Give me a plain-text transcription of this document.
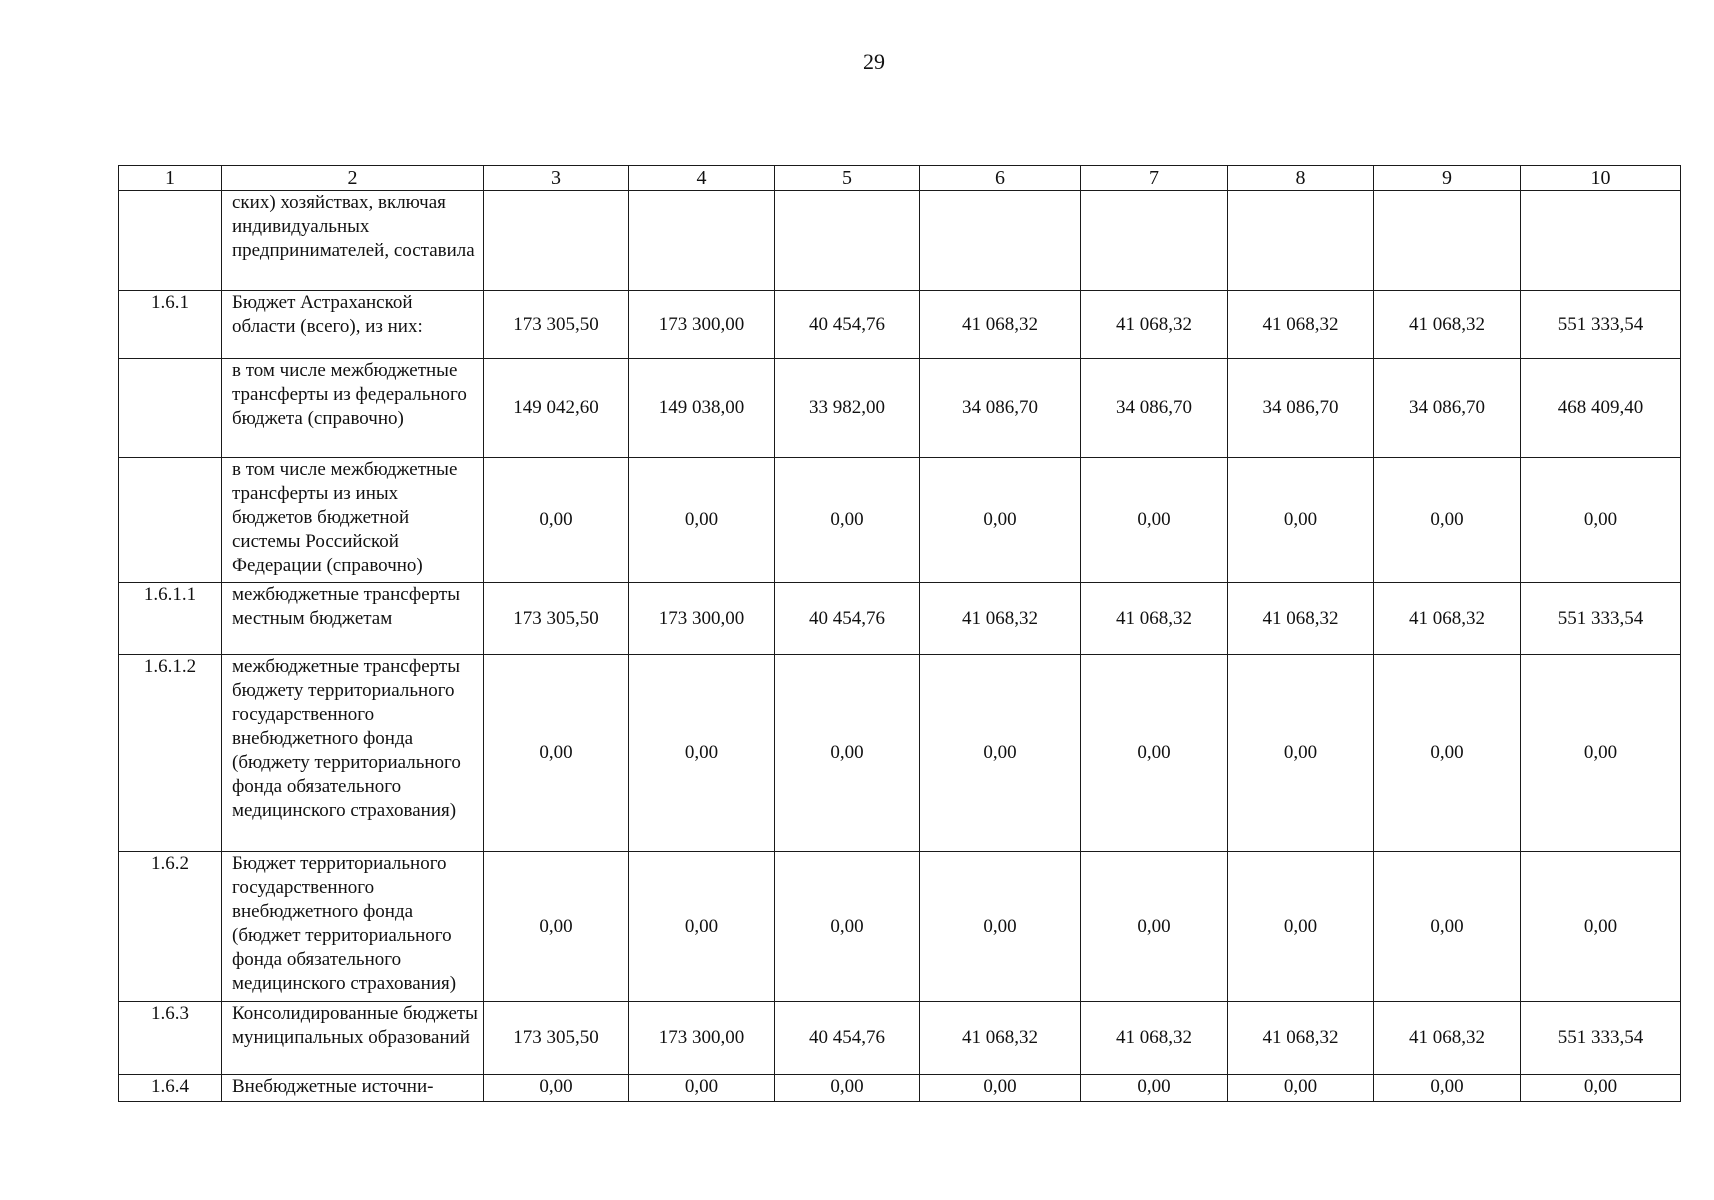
29
1	2	3	4	5	6	7	8	9	10
	ских) хозяйствах, включая индивидуальных предпринимателей, составила								
1.6.1	Бюджет Астраханской области (всего), из них:	173 305,50	173 300,00	40 454,76	41 068,32	41 068,32	41 068,32	41 068,32	551 333,54
	в том числе межбюджетные трансферты из федерального бюджета (справочно)	149 042,60	149 038,00	33 982,00	34 086,70	34 086,70	34 086,70	34 086,70	468 409,40
	в том числе межбюджетные трансферты из иных бюджетов бюджетной системы Российской Федерации (справочно)	0,00	0,00	0,00	0,00	0,00	0,00	0,00	0,00
1.6.1.1	межбюджетные трансферты местным бюджетам	173 305,50	173 300,00	40 454,76	41 068,32	41 068,32	41 068,32	41 068,32	551 333,54
1.6.1.2	межбюджетные трансферты бюджету территориального государственного внебюджетного фонда (бюджету территориального фонда обязательного медицинского страхования)	0,00	0,00	0,00	0,00	0,00	0,00	0,00	0,00
1.6.2	Бюджет территориального государственного внебюджетного фонда (бюджет территориального фонда обязательного медицинского страхования)	0,00	0,00	0,00	0,00	0,00	0,00	0,00	0,00
1.6.3	Консолидированные бюджеты муниципальных образований	173 305,50	173 300,00	40 454,76	41 068,32	41 068,32	41 068,32	41 068,32	551 333,54
1.6.4	Внебюджетные источни-	0,00	0,00	0,00	0,00	0,00	0,00	0,00	0,00
